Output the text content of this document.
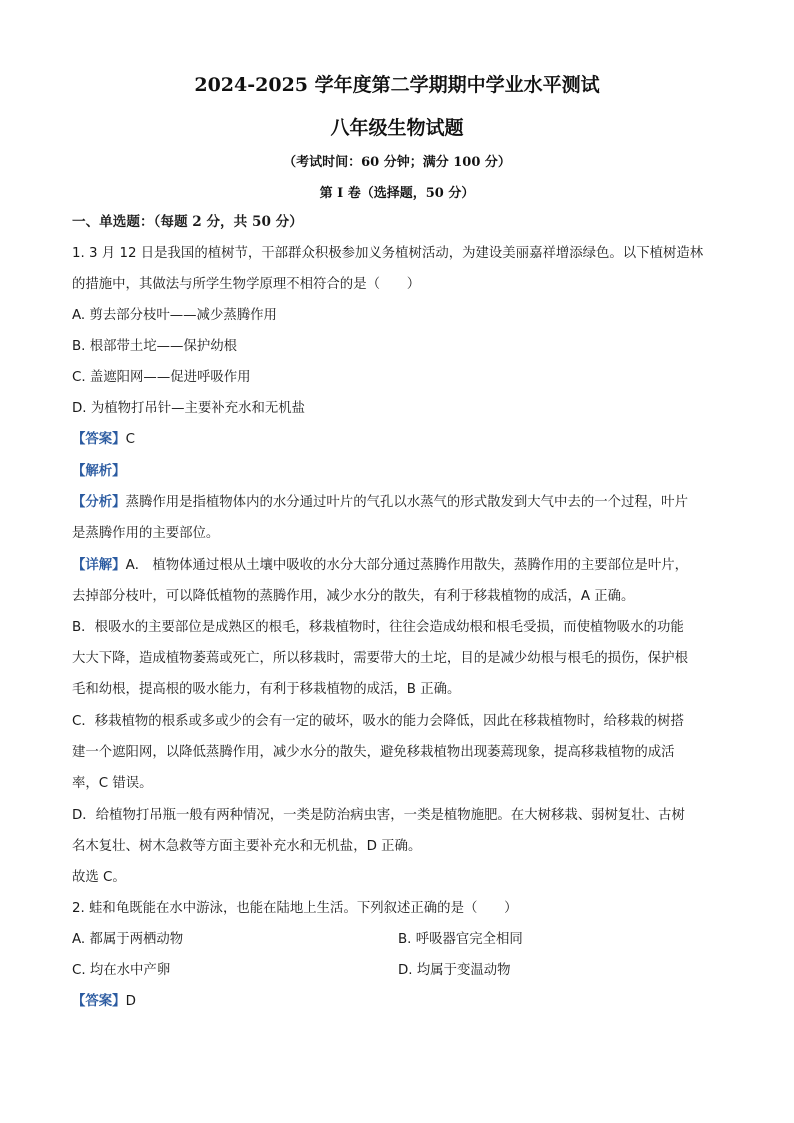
2024-2025 学年度第二学期期中学业水平测试
八年级生物试题
（考试时间：60 分钟；满分 100 分）
第 I 卷（选择题，50 分）
一、单选题：（每题 2 分，共 50 分）
1. 3 月 12 日是我国的植树节，干部群众积极参加义务植树活动，为建设美丽嘉祥增添绿色。以下植树造林
的措施中，其做法与所学生物学原理不相符合的是（　　）
A. 剪去部分枝叶——减少蒸腾作用
B. 根部带土坨——保护幼根
C. 盖遮阳网——促进呼吸作用
D. 为植物打吊针—主要补充水和无机盐
【答案】C
【解析】
【分析】蒸腾作用是指植物体内的水分通过叶片的气孔以水蒸气的形式散发到大气中去的一个过程，叶片
是蒸腾作用的主要部位。
【详解】A． 植物体通过根从土壤中吸收的水分大部分通过蒸腾作用散失，蒸腾作用的主要部位是叶片，
去掉部分枝叶，可以降低植物的蒸腾作用，减少水分的散失，有利于移栽植物的成活，A 正确。
B．根吸水的主要部位是成熟区的根毛，移栽植物时，往往会造成幼根和根毛受损，而使植物吸水的功能
大大下降，造成植物萎蔫或死亡，所以移栽时，需要带大的土坨，目的是减少幼根与根毛的损伤，保护根
毛和幼根，提高根的吸水能力，有利于移栽植物的成活，B 正确。
C．移栽植物的根系或多或少的会有一定的破坏，吸水的能力会降低，因此在移栽植物时，给移栽的树搭
建一个遮阳网，以降低蒸腾作用，减少水分的散失，避免移栽植物出现萎蔫现象，提高移栽植物的成活
率，C 错误。
D．给植物打吊瓶一般有两种情况，一类是防治病虫害，一类是植物施肥。在大树移栽、弱树复壮、古树
名木复壮、树木急救等方面主要补充水和无机盐，D 正确。
故选 C。
2. 蛙和龟既能在水中游泳，也能在陆地上生活。下列叙述正确的是（　　）
A. 都属于两栖动物	B. 呼吸器官完全相同
C. 均在水中产卵	D. 均属于变温动物
【答案】D
